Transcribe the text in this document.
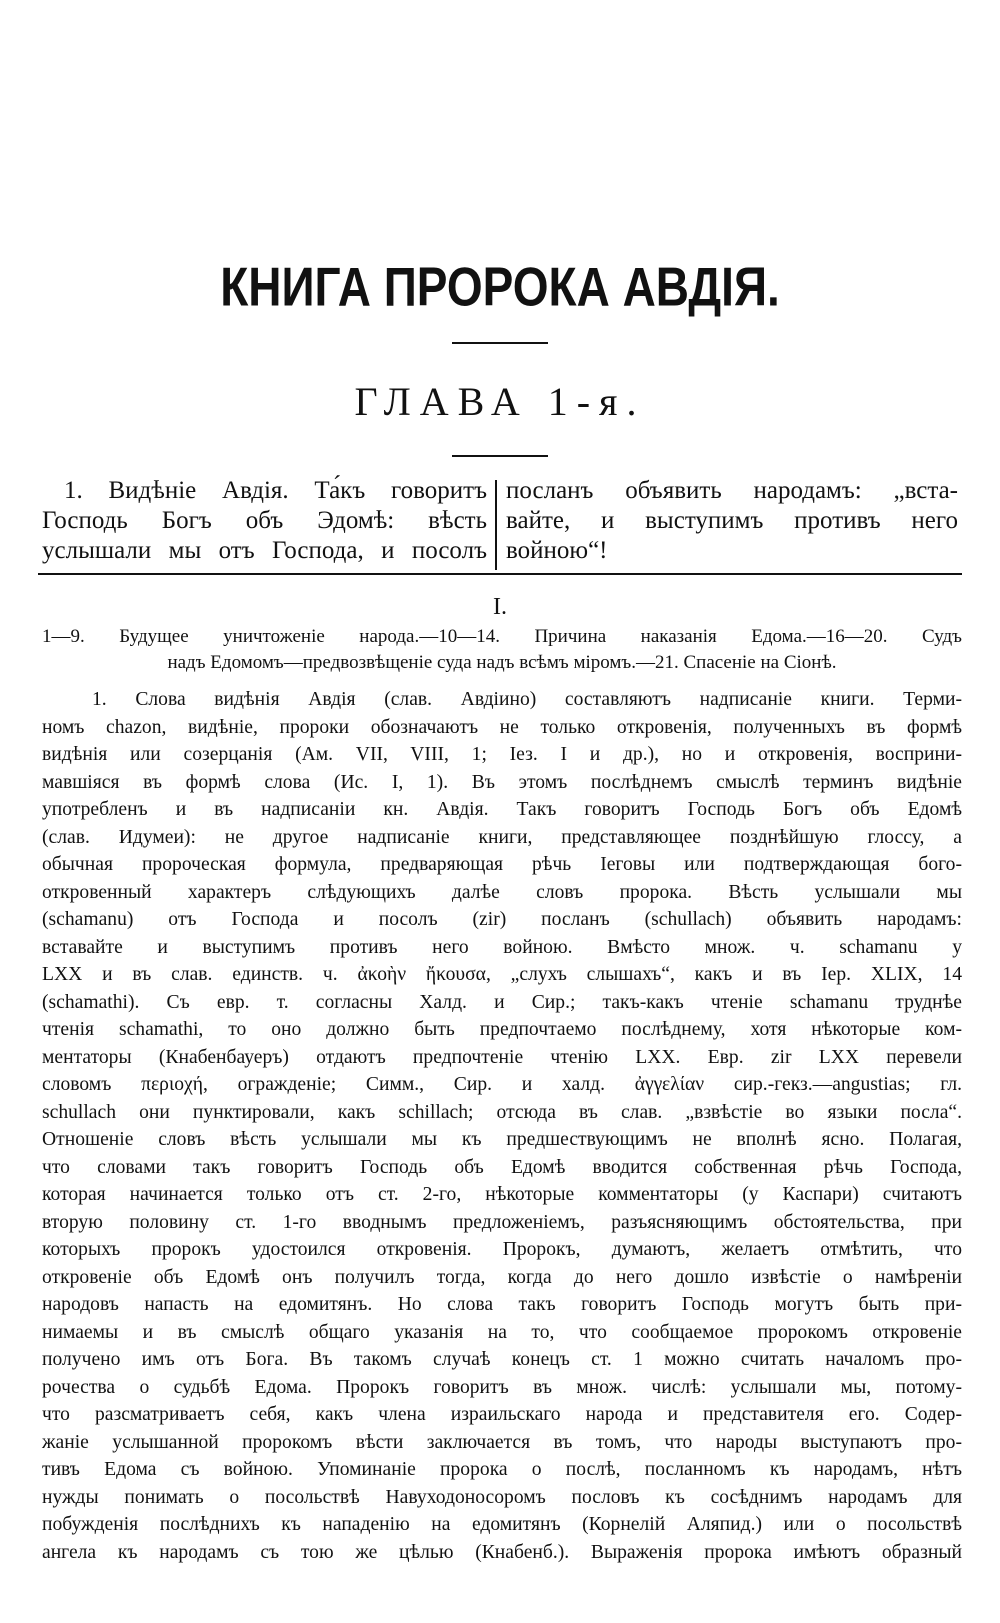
КНИГА ПРОРОКА АВДІЯ.
ГЛАВА 1-я.
1. Видѣніе Авдія. Та́къ говоритъ
Господь Богъ объ Эдомѣ: вѣсть
услышали мы отъ Господа, и посолъ
посланъ объявить народамъ: „вста-
вайте, и выступимъ противъ него
войною“!
I.
1—9. Будущее уничтоженіе народа.—10—14. Причина наказанія Едома.—16—20. Судъ
надъ Едомомъ—предвозвѣщеніе суда надъ всѣмъ міромъ.—21. Спасеніе на Сіонѣ.
1. Слова видѣнія Авдія (слав. Авдіино) составляютъ надписаніе книги. Терми-
номъ chazon, видѣніе, пророки обозначаютъ не только откровенія, полученныхъ въ формѣ
видѣнія или созерцанія (Ам. VII, VIII, 1; Іез. I и др.), но и откровенія, восприни-
мавшіяся въ формѣ слова (Ис. I, 1). Въ этомъ послѣднемъ смыслѣ терминъ видѣніе
употребленъ и въ надписаніи кн. Авдія. Такъ говоритъ Господь Богъ объ Едомѣ
(слав. Идумеи): не другое надписаніе книги, представляющее позднѣйшую глоссу, а
обычная пророческая формула, предваряющая рѣчь Іеговы или подтверждающая бого-
откровенный характеръ слѣдующихъ далѣе словъ пророка. Вѣсть услышали мы
(schamanu) отъ Господа и посолъ (zir) посланъ (schullach) объявить народамъ:
вставайте и выступимъ противъ него войною. Вмѣсто множ. ч. schamanu у
LXX и въ слав. единств. ч. ἀκοὴν ἤκουσα, „слухъ слышахъ“, какъ и въ Іер. XLIX, 14
(schamathi). Съ евр. т. согласны Халд. и Сир.; такъ-какъ чтеніе schamanu труднѣе
чтенія schamathi, то оно должно быть предпочтаемо послѣднему, хотя нѣкоторые ком-
ментаторы (Кнабенбауеръ) отдаютъ предпочтеніе чтенію LXX. Евр. zir LXX перевели
словомъ περιοχή, огражденіе; Симм., Сир. и халд. ἀγγελίαν сир.-гекз.—angustias; гл.
schullach они пунктировали, какъ schillach; отсюда въ слав. „взвѣстіе во языки посла“.
Отношеніе словъ вѣсть услышали мы къ предшествующимъ не вполнѣ ясно. Полагая,
что словами такъ говоритъ Господь объ Едомѣ вводится собственная рѣчь Господа,
которая начинается только отъ ст. 2-го, нѣкоторые комментаторы (у Каспари) считаютъ
вторую половину ст. 1-го вводнымъ предложеніемъ, разъясняющимъ обстоятельства, при
которыхъ пророкъ удостоился откровенія. Пророкъ, думаютъ, желаетъ отмѣтить, что
откровеніе объ Едомѣ онъ получилъ тогда, когда до него дошло извѣстіе о намѣреніи
народовъ напасть на едомитянъ. Но слова такъ говоритъ Господь могутъ быть при-
нимаемы и въ смыслѣ общаго указанія на то, что сообщаемое пророкомъ откровеніе
получено имъ отъ Бога. Въ такомъ случаѣ конецъ ст. 1 можно считать началомъ про-
рочества о судьбѣ Едома. Пророкъ говоритъ въ множ. числѣ: услышали мы, потому-
что разсматриваетъ себя, какъ члена израильскаго народа и представителя его. Содер-
жаніе услышанной пророкомъ вѣсти заключается въ томъ, что народы выступаютъ про-
тивъ Едома съ войною. Упоминаніе пророка о послѣ, посланномъ къ народамъ, нѣтъ
нужды понимать о посольствѣ Навуходоносоромъ пословъ къ сосѣднимъ народамъ для
побужденія послѣднихъ къ нападенію на едомитянъ (Корнелій Аляпид.) или о посольствѣ
ангела къ народамъ съ тою же цѣлью (Кнабенб.). Выраженія пророка имѣютъ образный
